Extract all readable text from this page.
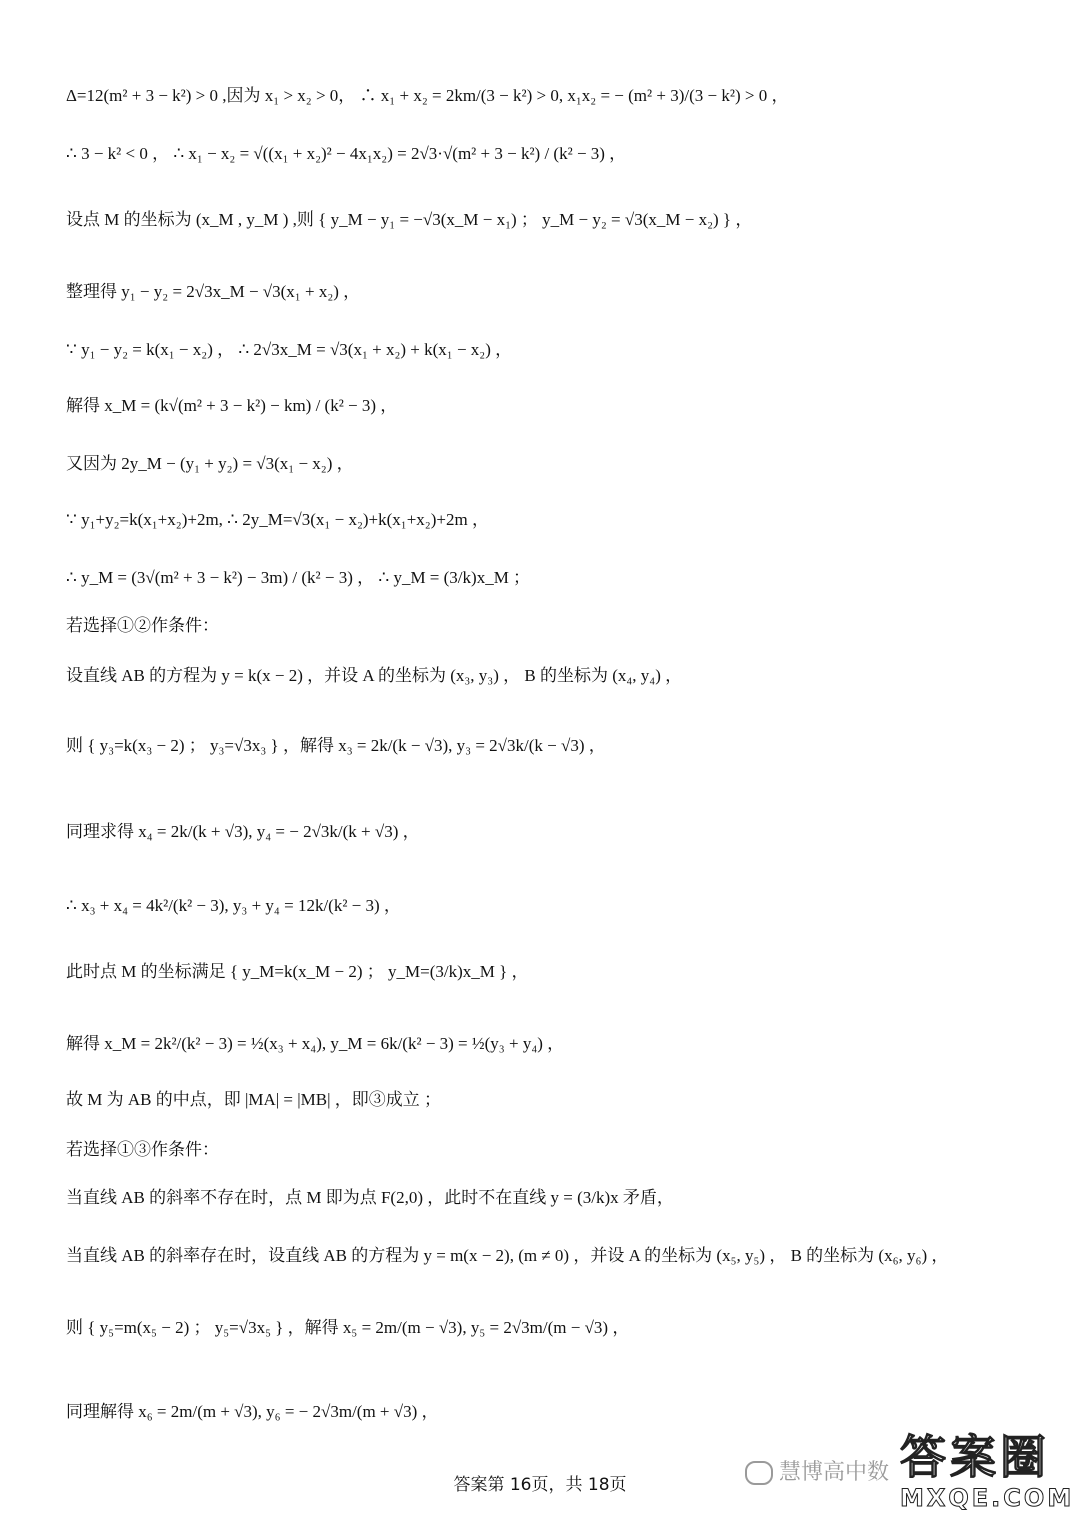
Δ=12(m² + 3 − k²) > 0 ,因为 x₁ > x₂ > 0， ∴ x₁ + x₂ = 2km/(3 − k²) > 0, x₁x₂ = − (m² + 3)/(3 − k²) > 0 ，
∴ 3 − k² < 0 ， ∴ x₁ − x₂ = √((x₁ + x₂)² − 4x₁x₂) = 2√3·√(m² + 3 − k²) / (k² − 3) ，
设点 M 的坐标为 (x_M , y_M ) ,则 { y_M − y₁ = −√3(x_M − x₁) ； y_M − y₂ = √3(x_M − x₂) } ，
整理得 y₁ − y₂ = 2√3x_M − √3(x₁ + x₂) ，
∵ y₁ − y₂ = k(x₁ − x₂) ， ∴ 2√3x_M = √3(x₁ + x₂) + k(x₁ − x₂) ，
解得 x_M = (k√(m² + 3 − k²) − km) / (k² − 3) ，
又因为 2y_M − (y₁ + y₂) = √3(x₁ − x₂) ，
∵ y₁+y₂=k(x₁+x₂)+2m, ∴ 2y_M=√3(x₁ − x₂)+k(x₁+x₂)+2m ，
∴ y_M = (3√(m² + 3 − k²) − 3m) / (k² − 3) ， ∴ y_M = (3/k)x_M ；
若选择①②作条件：
设直线 AB 的方程为 y = k(x − 2) ，并设 A 的坐标为 (x₃, y₃) ， B 的坐标为 (x₄, y₄) ，
则 { y₃=k(x₃ − 2) ； y₃=√3x₃ } ，解得 x₃ = 2k/(k − √3), y₃ = 2√3k/(k − √3) ，
同理求得 x₄ = 2k/(k + √3), y₄ = − 2√3k/(k + √3) ，
∴ x₃ + x₄ = 4k²/(k² − 3), y₃ + y₄ = 12k/(k² − 3) ，
此时点 M 的坐标满足 { y_M=k(x_M − 2) ； y_M=(3/k)x_M } ，
解得 x_M = 2k²/(k² − 3) = ½(x₃ + x₄), y_M = 6k/(k² − 3) = ½(y₃ + y₄) ，
故 M 为 AB 的中点，即 |MA| = |MB| ，即③成立 ；
若选择①③作条件：
当直线 AB 的斜率不存在时，点 M 即为点 F(2,0) ，此时不在直线 y = (3/k)x 矛盾，
当直线 AB 的斜率存在时，设直线 AB 的方程为 y = m(x − 2), (m ≠ 0) ，并设 A 的坐标为 (x₅, y₅) ， B 的坐标为 (x₆, y₆) ，
则 { y₅=m(x₅ − 2) ； y₅=√3x₅ } ，解得 x₅ = 2m/(m − √3), y₅ = 2√3m/(m − √3) ，
同理解得 x₆ = 2m/(m + √3), y₆ = − 2√3m/(m + √3) ，
答案第 16页，共 18页	慧博高中数 答案圈
MXQE.COM
